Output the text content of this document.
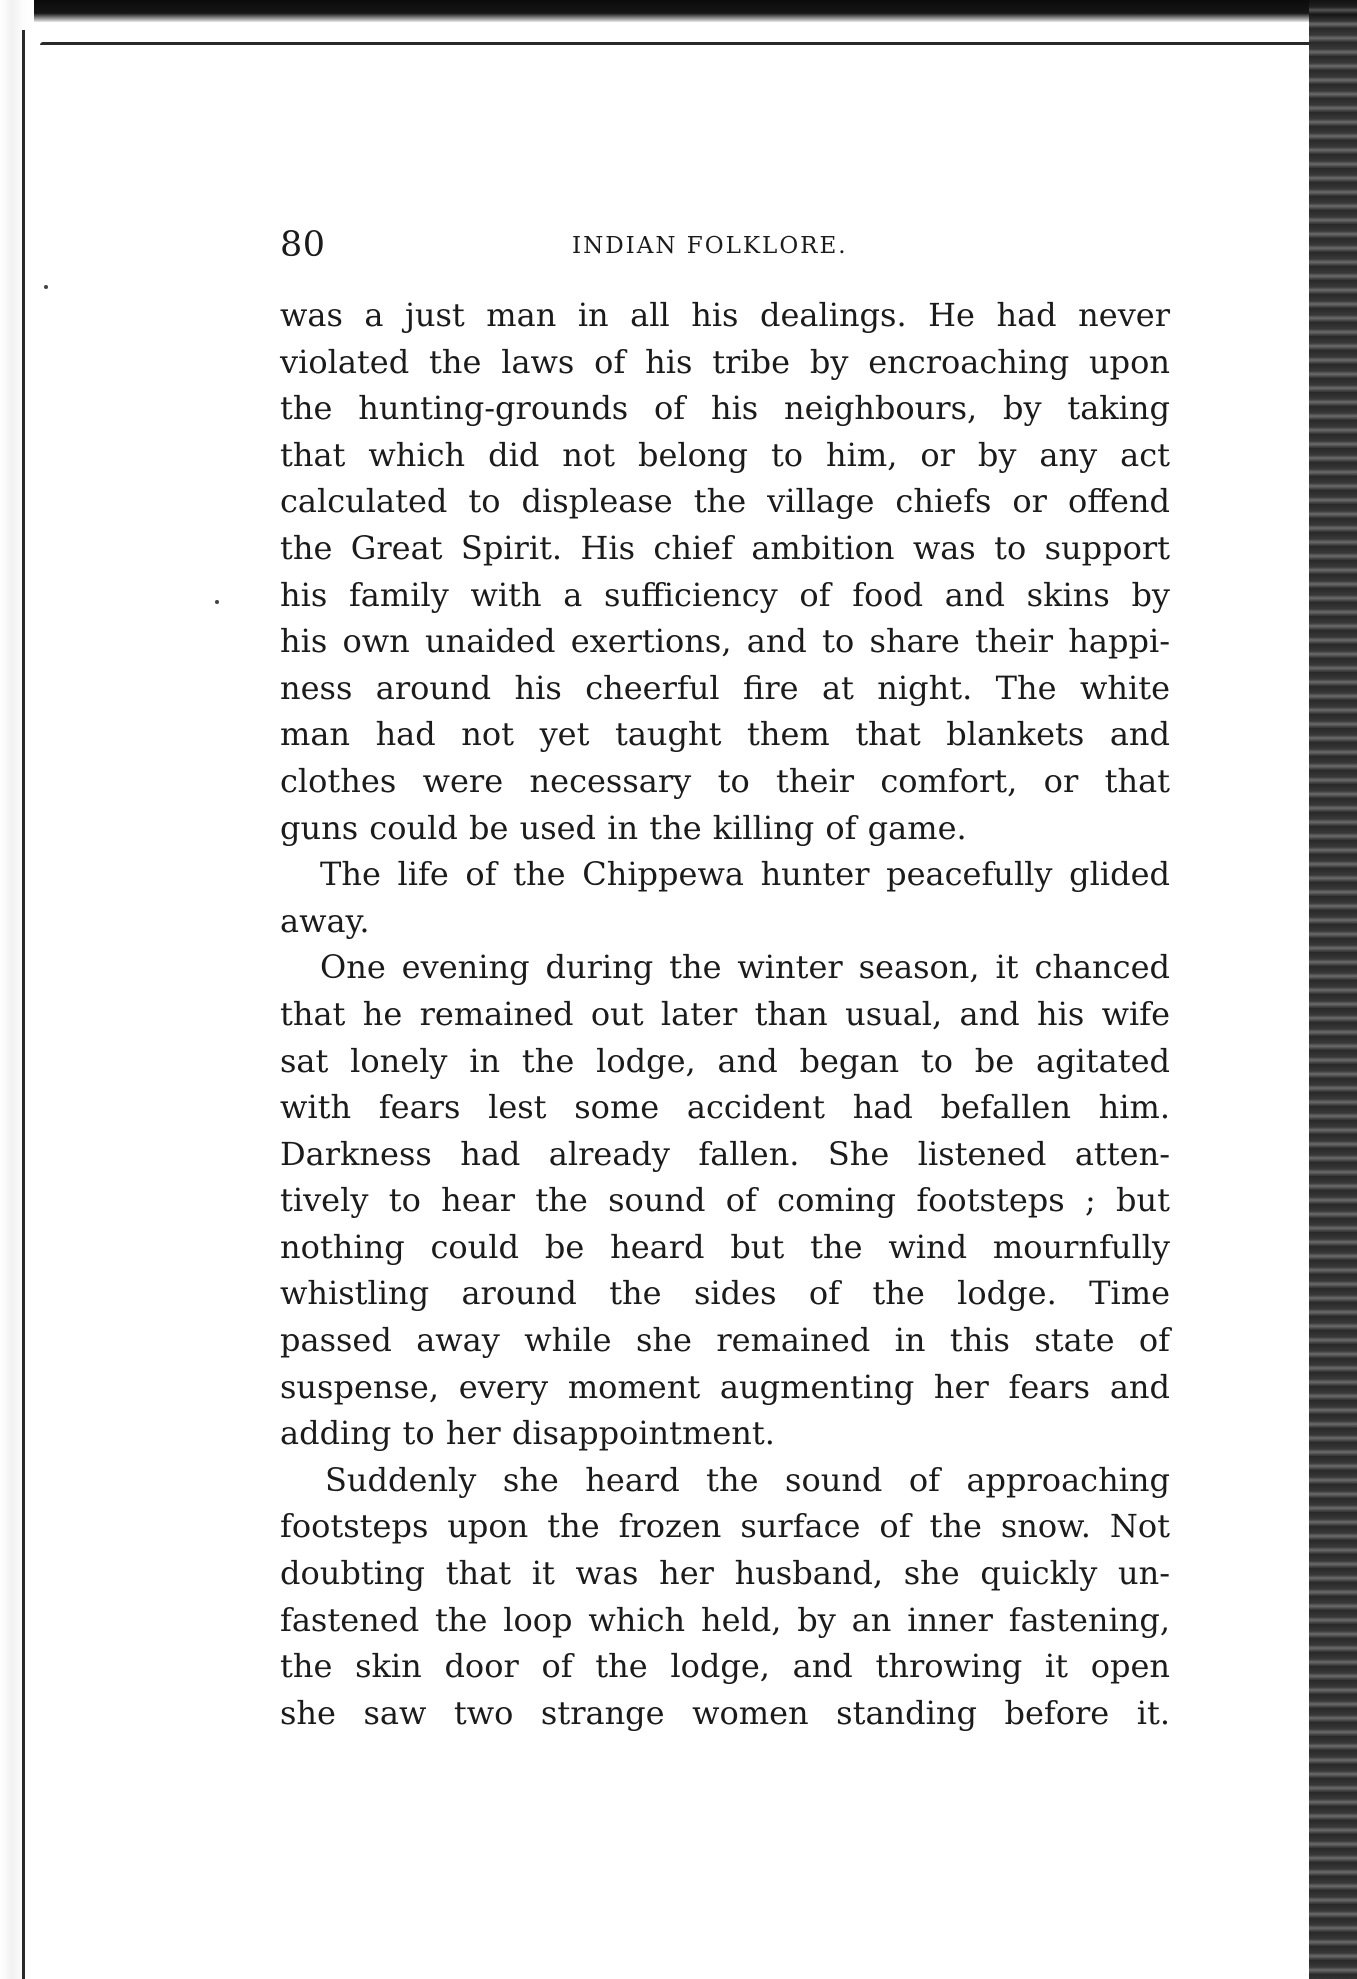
80	INDIAN FOLKLORE.
was a just man in all his dealings. He had never
violated the laws of his tribe by encroaching upon
the hunting-grounds of his neighbours, by taking
that which did not belong to him, or by any act
calculated to displease the village chiefs or offend
the Great Spirit. His chief ambition was to support
his family with a sufficiency of food and skins by
his own unaided exertions, and to share their happi-
ness around his cheerful fire at night. The white
man had not yet taught them that blankets and
clothes were necessary to their comfort, or that
guns could be used in the killing of game.
The life of the Chippewa hunter peacefully glided
away.
One evening during the winter season, it chanced
that he remained out later than usual, and his wife
sat lonely in the lodge, and began to be agitated
with fears lest some accident had befallen him.
Darkness had already fallen. She listened atten-
tively to hear the sound of coming footsteps ; but
nothing could be heard but the wind mournfully
whistling around the sides of the lodge. Time
passed away while she remained in this state of
suspense, every moment augmenting her fears and
adding to her disappointment.
Suddenly she heard the sound of approaching
footsteps upon the frozen surface of the snow. Not
doubting that it was her husband, she quickly un-
fastened the loop which held, by an inner fastening,
the skin door of the lodge, and throwing it open
she saw two strange women standing before it.
